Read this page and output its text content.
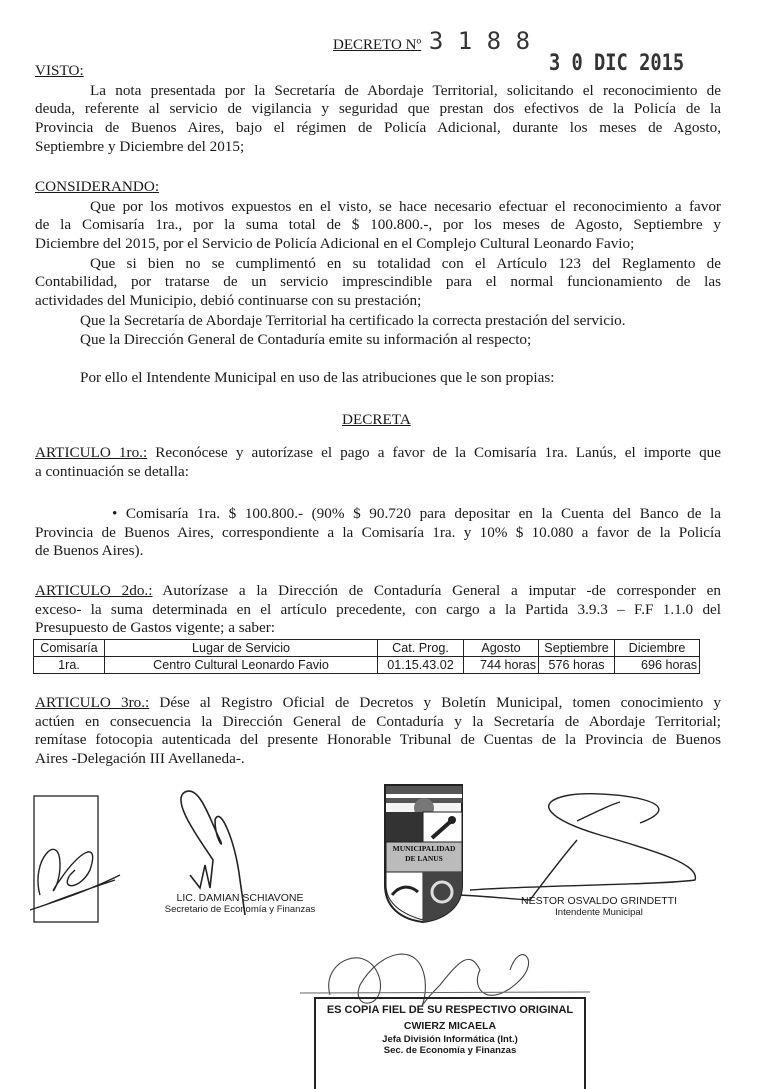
DECRETO Nº 3 1 8 8
3 0 DIC 2015
VISTO:
La nota presentada por la Secretaría de Abordaje Territorial, solicitando el reconocimiento de
deuda, referente al servicio de vigilancia y seguridad que prestan dos efectivos de la Policía de la
Provincia de Buenos Aires, bajo el régimen de Policía Adicional, durante los meses de Agosto,
Septiembre y Diciembre del 2015;
CONSIDERANDO:
Que por los motivos expuestos en el visto, se hace necesario efectuar el reconocimiento a favor
de la Comisaría 1ra., por la suma total de $ 100.800.-, por los meses de Agosto, Septiembre y
Diciembre del 2015, por el Servicio de Policía Adicional en el Complejo Cultural Leonardo Favio;
Que si bien no se cumplimentó en su totalidad con el Artículo 123 del Reglamento de
Contabilidad, por tratarse de un servicio imprescindible para el normal funcionamiento de las
actividades del Municipio, debió continuarse con su prestación;
Que la Secretaría de Abordaje Territorial ha certificado la correcta prestación del servicio.
Que la Dirección General de Contaduría emite su información al respecto;
Por ello el Intendente Municipal en uso de las atribuciones que le son propias:
DECRETA
ARTICULO 1ro.: Reconócese y autorízase el pago a favor de la Comisaría 1ra. Lanús, el importe que
a continuación se detalla:
• Comisaría 1ra. $ 100.800.- (90% $ 90.720 para depositar en la Cuenta del Banco de la
Provincia de Buenos Aires, correspondiente a la Comisaría 1ra. y 10% $ 10.080 a favor de la Policía
de Buenos Aires).
ARTICULO 2do.: Autorízase a la Dirección de Contaduría General a imputar -de corresponder en
exceso- la suma determinada en el artículo precedente, con cargo a la Partida 3.9.3 – F.F 1.1.0 del
Presupuesto de Gastos vigente; a saber:
Comisaría	Lugar de Servicio	Cat. Prog.	Agosto	Septiembre	Diciembre
1ra.	Centro Cultural Leonardo Favio	01.15.43.02	744 horas	576 horas	696 horas
ARTICULO 3ro.: Dése al Registro Oficial de Decretos y Boletín Municipal, tomen conocimiento y
actúen en consecuencia la Dirección General de Contaduría y la Secretaría de Abordaje Territorial;
remítase fotocopia autenticada del presente Honorable Tribunal de Cuentas de la Provincia de Buenos
Aires -Delegación III Avellaneda-.
MUNICIPALIDAD
DE LANUS
LIC. DAMIAN SCHIAVONE
Secretario de Economía y Finanzas
NESTOR OSVALDO GRINDETTI
Intendente Municipal
ES COPIA FIEL DE SU RESPECTIVO ORIGINAL
CWIERZ MICAELA
Jefa División Informática (Int.)
Sec. de Economía y Finanzas
